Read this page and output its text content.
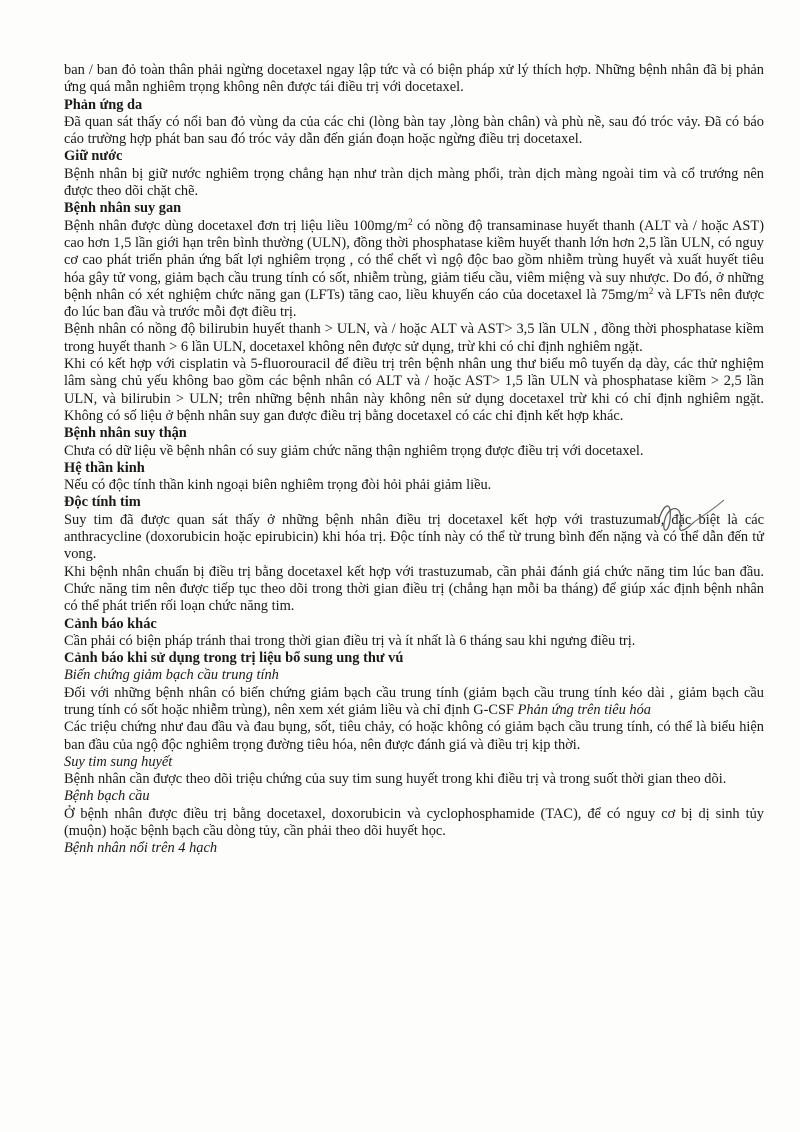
ban / ban đỏ toàn thân phải ngừng docetaxel ngay lập tức và có biện pháp xử lý thích hợp. Những bệnh nhân đã bị phản ứng quá mẫn nghiêm trọng không nên được tái điều trị với docetaxel.

Phản ứng da

Đã quan sát thấy có nổi ban đỏ vùng da của các chi (lòng bàn tay ,lòng bàn chân) và phù nề, sau đó tróc vảy. Đã có báo cáo trường hợp phát ban sau đó tróc vảy dẫn đến gián đoạn hoặc ngừng điều trị docetaxel.

Giữ nước

Bệnh nhân bị giữ nước nghiêm trọng chẳng hạn như tràn dịch màng phổi, tràn dịch màng ngoài tim và cổ trướng nên được theo dõi chặt chẽ.

Bệnh nhân suy gan

Bệnh nhân được dùng docetaxel đơn trị liệu liều $100mg/m^2$ có nồng độ transaminase huyết thanh (ALT và / hoặc AST) cao hơn 1,5 lần giới hạn trên bình thường (ULN), đồng thời phosphatase kiềm huyết thanh lớn hơn 2,5 lần ULN, có nguy cơ cao phát triển phản ứng bất lợi nghiêm trọng , có thể chết vì ngộ độc bao gồm nhiễm trùng huyết và xuất huyết tiêu hóa gây tử vong, giảm bạch cầu trung tính có sốt, nhiễm trùng, giảm tiểu cầu, viêm miệng và suy nhược. Do đó, ở những bệnh nhân có xét nghiệm chức năng gan (LFTs) tăng cao, liều khuyến cáo của docetaxel là $75mg/m^2$ và LFTs nên được đo lúc ban đầu và trước mỗi đợt điều trị.

Bệnh nhân có nồng độ bilirubin huyết thanh > ULN, và / hoặc ALT và AST> 3,5 lần ULN , đồng thời phosphatase kiềm trong huyết thanh > 6 lần ULN, docetaxel không nên được sử dụng, trừ khi có chỉ định nghiêm ngặt.

Khi có kết hợp với cisplatin và 5-fluorouracil để điều trị trên bệnh nhân ung thư biểu mô tuyến dạ dày, các thử nghiệm lâm sàng chủ yếu không bao gồm các bệnh nhân có ALT và / hoặc AST> 1,5 lần ULN và phosphatase kiềm > 2,5 lần ULN, và bilirubin > ULN; trên những bệnh nhân này không nên sử dụng docetaxel trừ khi có chỉ định nghiêm ngặt. Không có số liệu ở bệnh nhân suy gan được điều trị bằng docetaxel có các chỉ định kết hợp khác.

Bệnh nhân suy thận

Chưa có dữ liệu về bệnh nhân có suy giảm chức năng thận nghiêm trọng được điều trị với docetaxel.

Hệ thần kinh

Nếu có độc tính thần kinh ngoại biên nghiêm trọng đòi hỏi phải giảm liều.

Độc tính tim

Suy tim đã được quan sát thấy ở những bệnh nhân điều trị docetaxel kết hợp với trastuzumab, đặc biệt là các anthracycline (doxorubicin hoặc epirubicin) khi hóa trị. Độc tính này có thể từ trung bình đến nặng và có thể dẫn đến tử vong.

Khi bệnh nhân chuẩn bị điều trị bằng docetaxel kết hợp với trastuzumab, cần phải đánh giá chức năng tim lúc ban đầu. Chức năng tim nên được tiếp tục theo dõi trong thời gian điều trị (chẳng hạn mỗi ba tháng) để giúp xác định bệnh nhân có thể phát triển rối loạn chức năng tim.

Cảnh báo khác

Cần phải có biện pháp tránh thai trong thời gian điều trị và ít nhất là 6 tháng sau khi ngưng điều trị.

Cảnh báo khi sử dụng trong trị liệu bổ sung ung thư vú

Biến chứng giảm bạch cầu trung tính

Đối với những bệnh nhân có biến chứng giảm bạch cầu trung tính (giảm bạch cầu trung tính kéo dài , giảm bạch cầu trung tính có sốt hoặc nhiễm trùng), nên xem xét giảm liều và chỉ định G-CSF Phản ứng trên tiêu hóa

Các triệu chứng như đau đầu và đau bụng, sốt, tiêu chảy, có hoặc không có giảm bạch cầu trung tính, có thể là biểu hiện ban đầu của ngộ độc nghiêm trọng đường tiêu hóa, nên được đánh giá và điều trị kịp thời.

Suy tim sung huyết

Bệnh nhân cần được theo dõi triệu chứng của suy tim sung huyết trong khi điều trị và trong suốt thời gian theo dõi.

Bệnh bạch cầu

Ở bệnh nhân được điều trị bằng docetaxel, doxorubicin và cyclophosphamide (TAC), để có nguy cơ bị dị sinh tủy (muộn) hoặc bệnh bạch cầu dòng tủy, cần phải theo dõi huyết học.

Bệnh nhân nổi trên 4 hạch
